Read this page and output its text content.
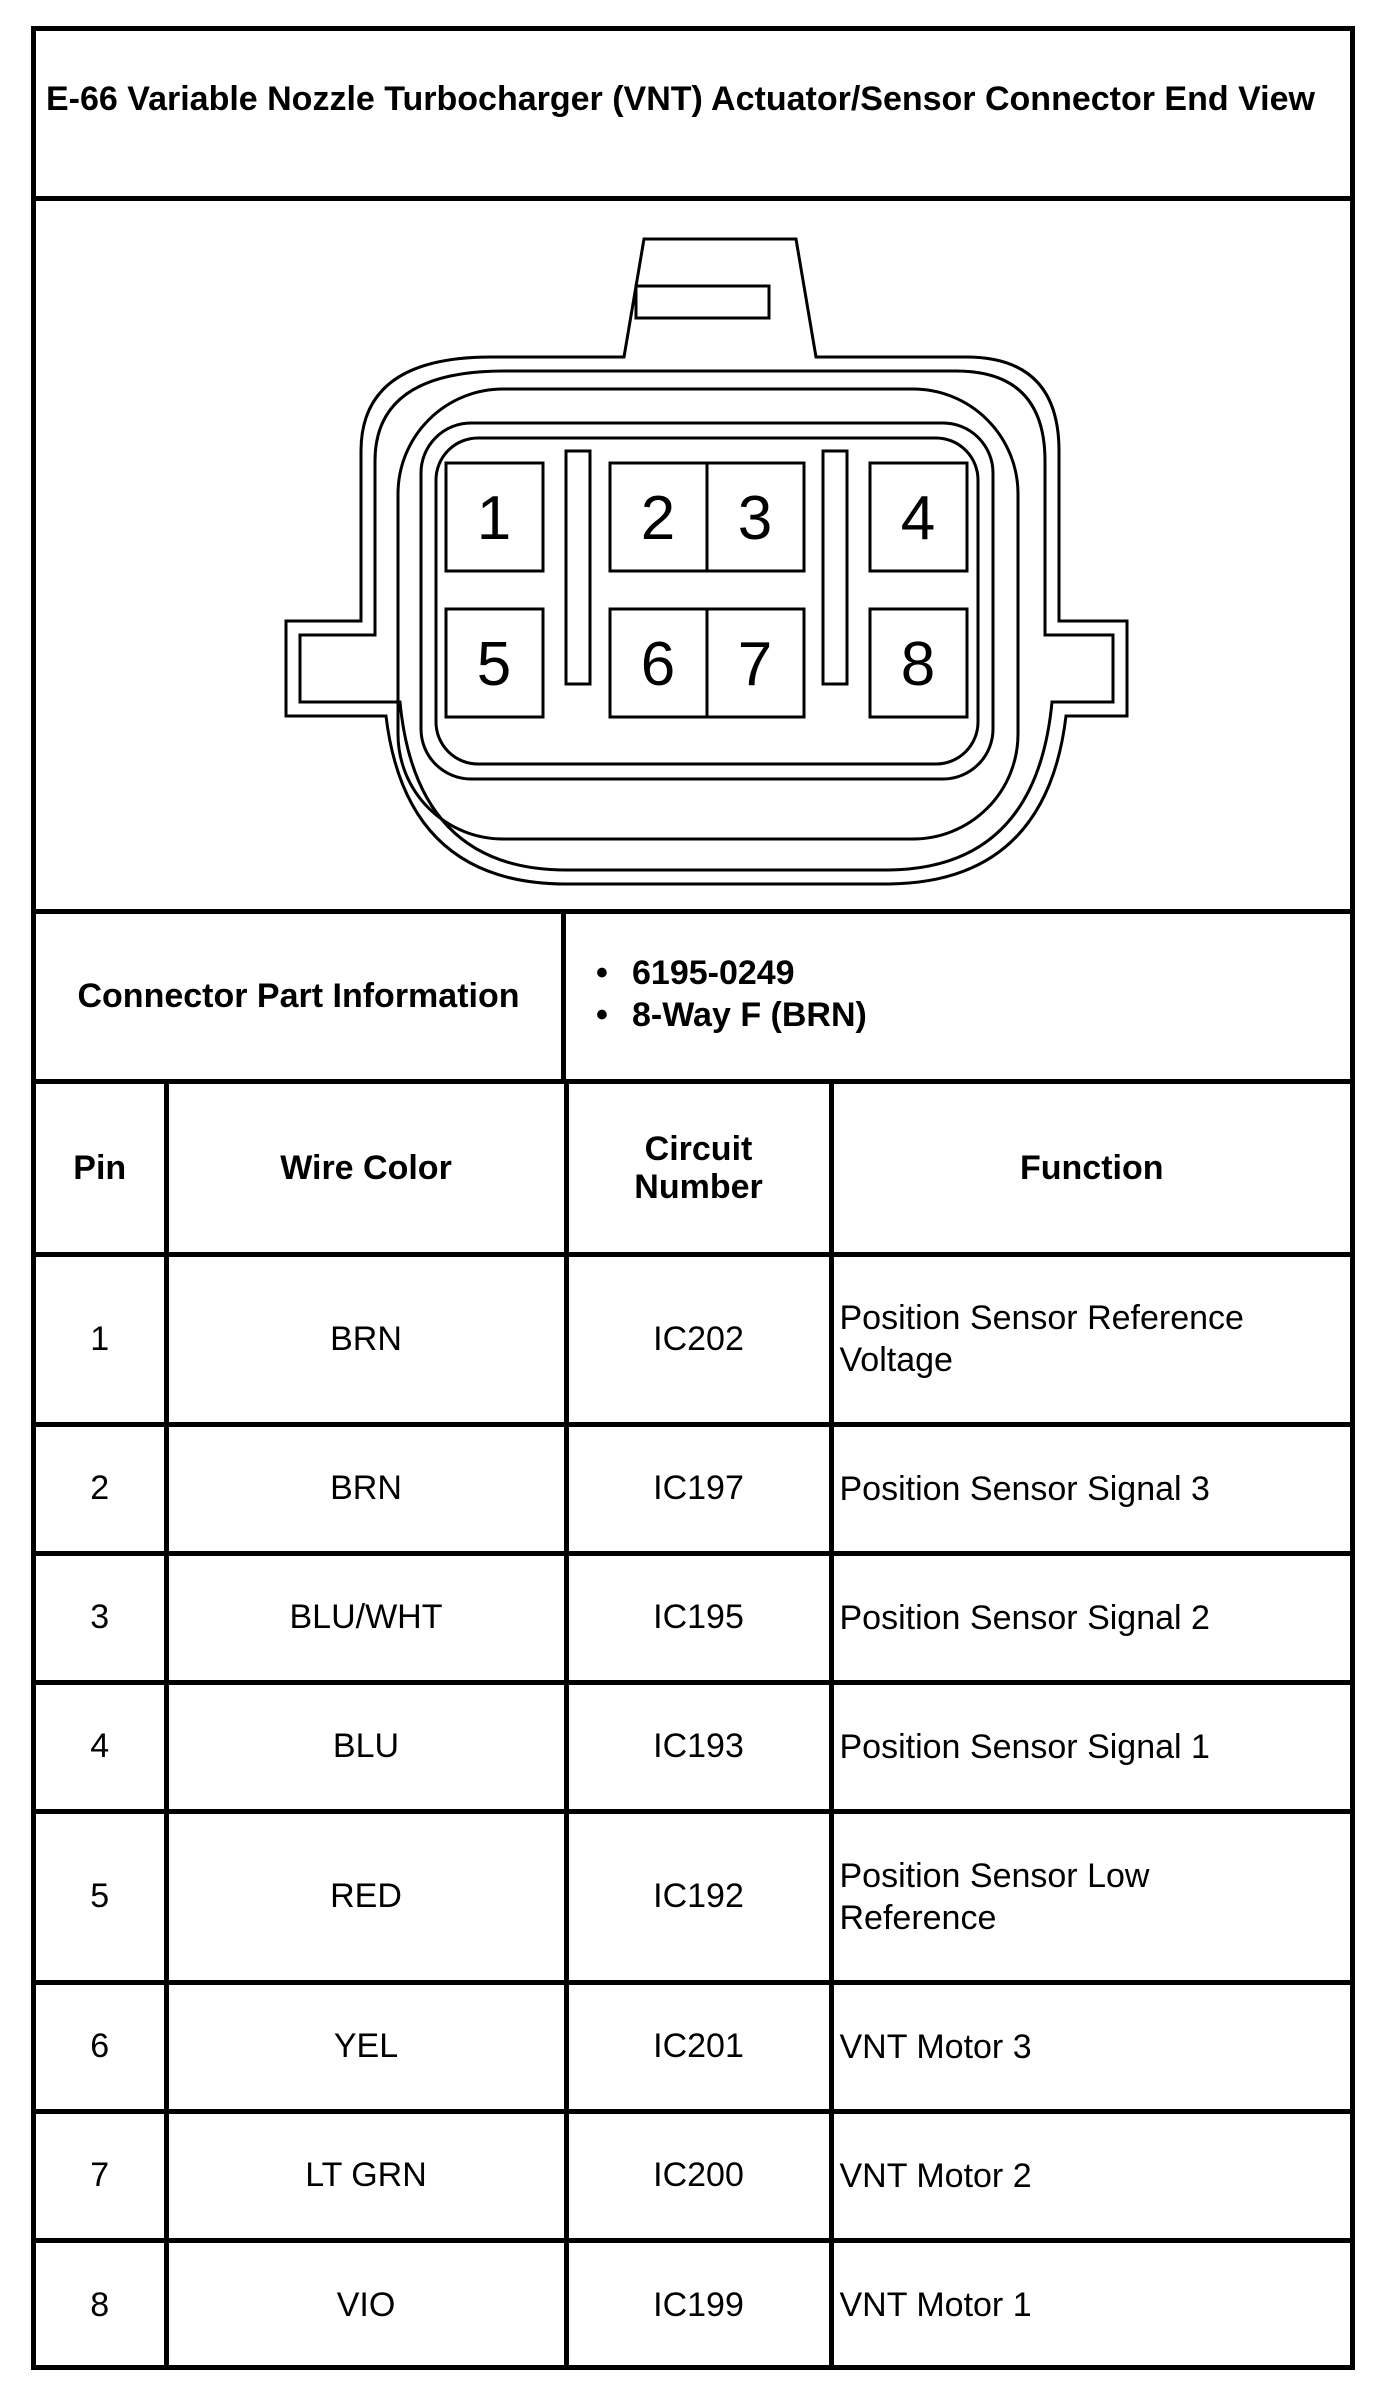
E-66 Variable Nozzle Turbocharger (VNT) Actuator/Sensor Connector End View
1 2 3 4
5 6 7 8
Connector Part Information
• 6195-0249
• 8-Way F (BRN)
Pin	Wire Color	Circuit
Number	Function
1	BRN	IC202	Position Sensor Reference
Voltage
2	BRN	IC197	Position Sensor Signal 3
3	BLU/WHT	IC195	Position Sensor Signal 2
4	BLU	IC193	Position Sensor Signal 1
5	RED	IC192	Position Sensor Low
Reference
6	YEL	IC201	VNT Motor 3
7	LT GRN	IC200	VNT Motor 2
8	VIO	IC199	VNT Motor 1
